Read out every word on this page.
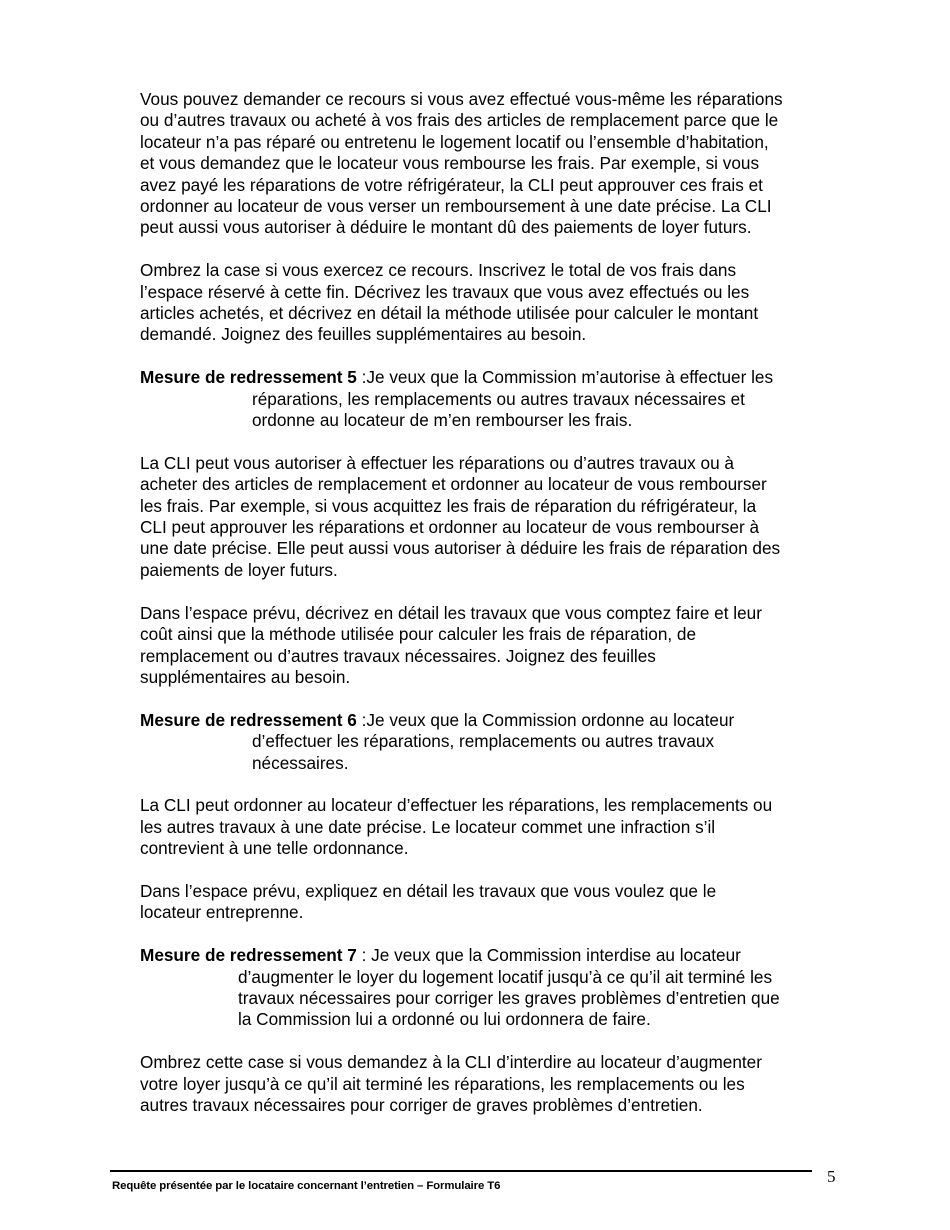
Vous pouvez demander ce recours si vous avez effectué vous-même les réparations
ou d’autres travaux ou acheté à vos frais des articles de remplacement parce que le
locateur n’a pas réparé ou entretenu le logement locatif ou l’ensemble d’habitation,
et vous demandez que le locateur vous rembourse les frais. Par exemple, si vous
avez payé les réparations de votre réfrigérateur, la CLI peut approuver ces frais et
ordonner au locateur de vous verser un remboursement à une date précise. La CLI
peut aussi vous autoriser à déduire le montant dû des paiements de loyer futurs.

Ombrez la case si vous exercez ce recours. Inscrivez le total de vos frais dans
l’espace réservé à cette fin. Décrivez les travaux que vous avez effectués ou les
articles achetés, et décrivez en détail la méthode utilisée pour calculer le montant
demandé. Joignez des feuilles supplémentaires au besoin.

Mesure de redressement 5 :Je veux que la Commission m’autorise à effectuer les
réparations, les remplacements ou autres travaux nécessaires et
ordonne au locateur de m’en rembourser les frais.

La CLI peut vous autoriser à effectuer les réparations ou d’autres travaux ou à
acheter des articles de remplacement et ordonner au locateur de vous rembourser
les frais. Par exemple, si vous acquittez les frais de réparation du réfrigérateur, la
CLI peut approuver les réparations et ordonner au locateur de vous rembourser à
une date précise. Elle peut aussi vous autoriser à déduire les frais de réparation des
paiements de loyer futurs.

Dans l’espace prévu, décrivez en détail les travaux que vous comptez faire et leur
coût ainsi que la méthode utilisée pour calculer les frais de réparation, de
remplacement ou d’autres travaux nécessaires. Joignez des feuilles
supplémentaires au besoin.

Mesure de redressement 6 :Je veux que la Commission ordonne au locateur
d’effectuer les réparations, remplacements ou autres travaux
nécessaires.

La CLI peut ordonner au locateur d’effectuer les réparations, les remplacements ou
les autres travaux à une date précise. Le locateur commet une infraction s’il
contrevient à une telle ordonnance.

Dans l’espace prévu, expliquez en détail les travaux que vous voulez que le
locateur entreprenne.

Mesure de redressement 7 : Je veux que la Commission interdise au locateur
d’augmenter le loyer du logement locatif jusqu’à ce qu’il ait terminé les
travaux nécessaires pour corriger les graves problèmes d’entretien que
la Commission lui a ordonné ou lui ordonnera de faire.

Ombrez cette case si vous demandez à la CLI d’interdire au locateur d’augmenter
votre loyer jusqu’à ce qu’il ait terminé les réparations, les remplacements ou les
autres travaux nécessaires pour corriger de graves problèmes d’entretien.

Requête présentée par le locataire concernant l’entretien – Formulaire T6	5
